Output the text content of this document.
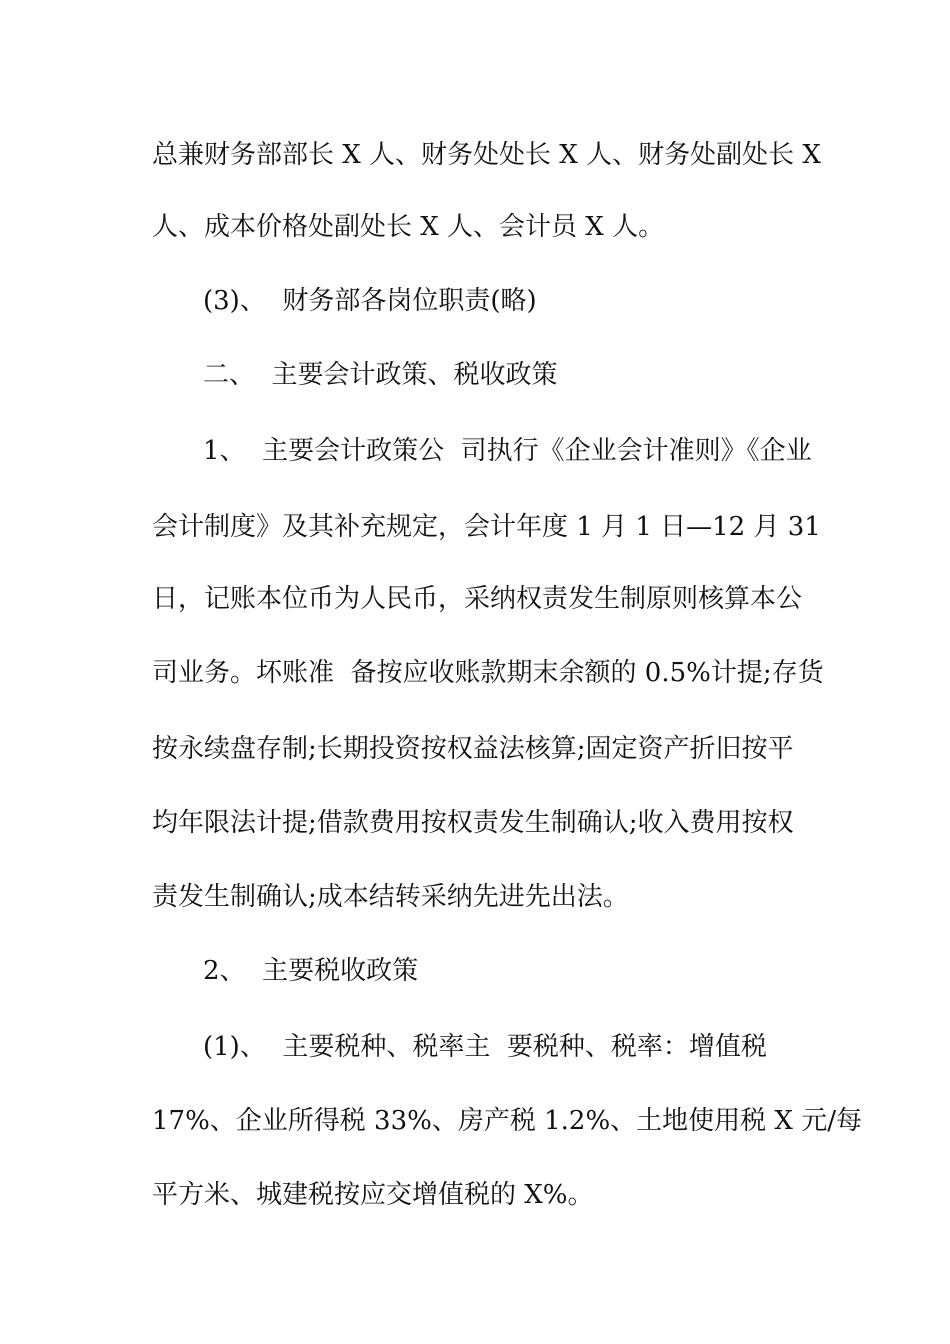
总兼财务部部长 X 人、财务处处长 X 人、财务处副处长 X
人、成本价格处副处长 X 人、会计员 X 人。
(3)、  财务部各岗位职责(略)
二、  主要会计政策、税收政策
1、  主要会计政策公  司执行《企业会计准则》《企业
会计制度》及其补充规定，会计年度 1 月 1 日—12 月 31
日，记账本位币为人民币，采纳权责发生制原则核算本公
司业务。坏账准  备按应收账款期末余额的 0.5%计提;存货
按永续盘存制;长期投资按权益法核算;固定资产折旧按平
均年限法计提;借款费用按权责发生制确认;收入费用按权
责发生制确认;成本结转采纳先进先出法。
2、  主要税收政策
(1)、  主要税种、税率主  要税种、税率：增值税
17%、企业所得税 33%、房产税 1.2%、土地使用税 X 元/每
平方米、城建税按应交增值税的 X%。
